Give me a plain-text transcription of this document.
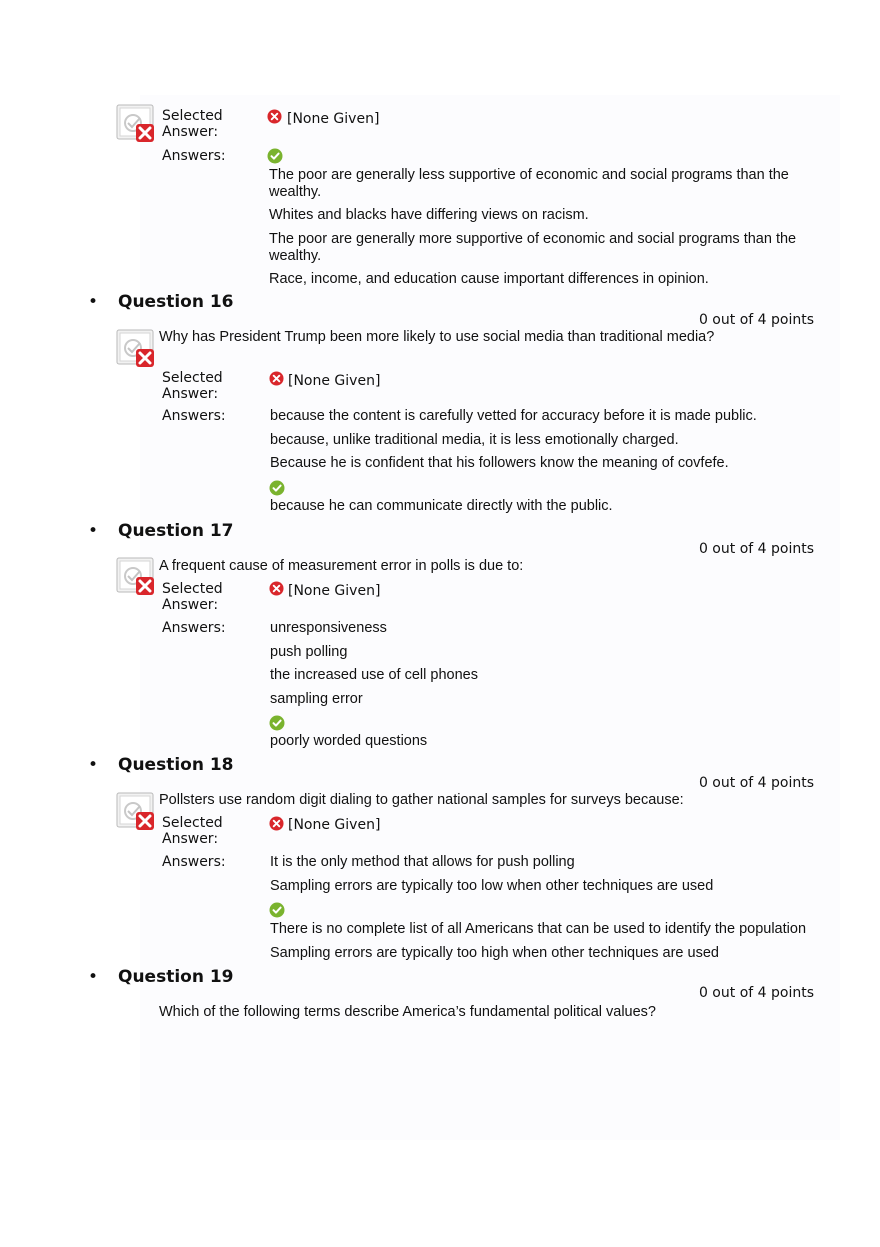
Selected Answer:
[None Given]
Answers:
The poor are generally less supportive of economic and social programs than the wealthy.
Whites and blacks have differing views on racism.
The poor are generally more supportive of economic and social programs than the wealthy.
Race, income, and education cause important differences in opinion.
• Question 16
0 out of 4 points
Why has President Trump been more likely to use social media than traditional media?
Selected Answer:
[None Given]
Answers:	because the content is carefully vetted for accuracy before it is made public.
because, unlike traditional media, it is less emotionally charged.
Because he is confident that his followers know the meaning of covfefe.
because he can communicate directly with the public.
• Question 17
0 out of 4 points
A frequent cause of measurement error in polls is due to:
Selected Answer:
[None Given]
Answers:	unresponsiveness
push polling
the increased use of cell phones
sampling error
poorly worded questions
• Question 18
0 out of 4 points
Pollsters use random digit dialing to gather national samples for surveys because:
Selected Answer:
[None Given]
Answers:	It is the only method that allows for push polling
Sampling errors are typically too low when other techniques are used
There is no complete list of all Americans that can be used to identify the population
Sampling errors are typically too high when other techniques are used
• Question 19
0 out of 4 points
Which of the following terms describe America’s fundamental political values?
